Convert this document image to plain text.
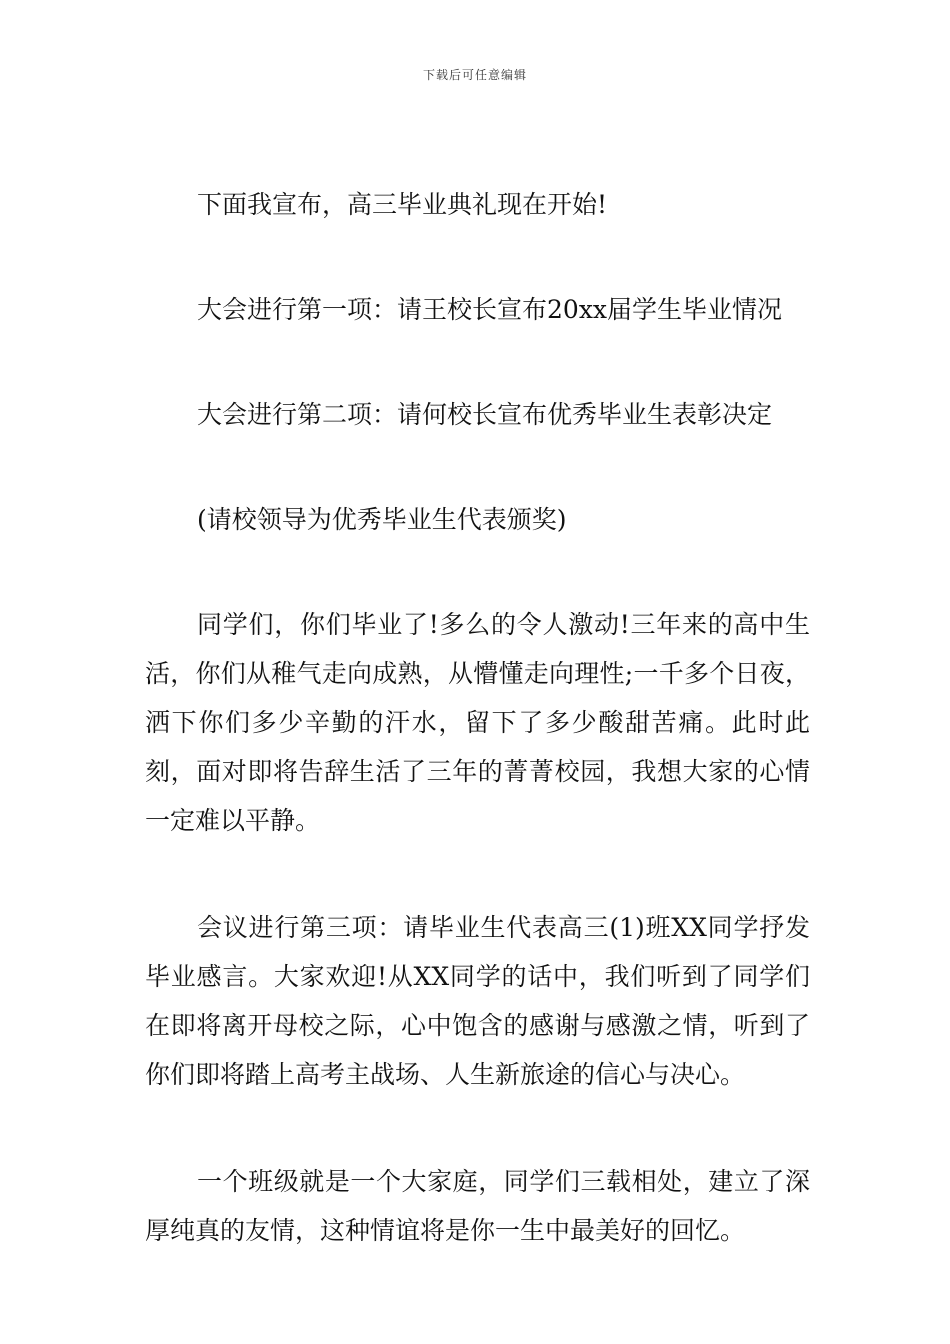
下载后可任意编辑

下面我宣布，高三毕业典礼现在开始!

大会进行第一项：请王校长宣布20xx届学生毕业情况

大会进行第二项：请何校长宣布优秀毕业生表彰决定

(请校领导为优秀毕业生代表颁奖)

同学们，你们毕业了!多么的令人激动!三年来的高中生活，你们从稚气走向成熟，从懵懂走向理性;一千多个日夜，洒下你们多少辛勤的汗水，留下了多少酸甜苦痛。此时此刻，面对即将告辞生活了三年的菁菁校园，我想大家的心情一定难以平静。

会议进行第三项：请毕业生代表高三(1)班XX同学抒发毕业感言。大家欢迎!从XX同学的话中，我们听到了同学们在即将离开母校之际，心中饱含的感谢与感激之情，听到了你们即将踏上高考主战场、人生新旅途的信心与决心。

一个班级就是一个大家庭，同学们三载相处，建立了深厚纯真的友情，这种情谊将是你一生中最美好的回忆。
